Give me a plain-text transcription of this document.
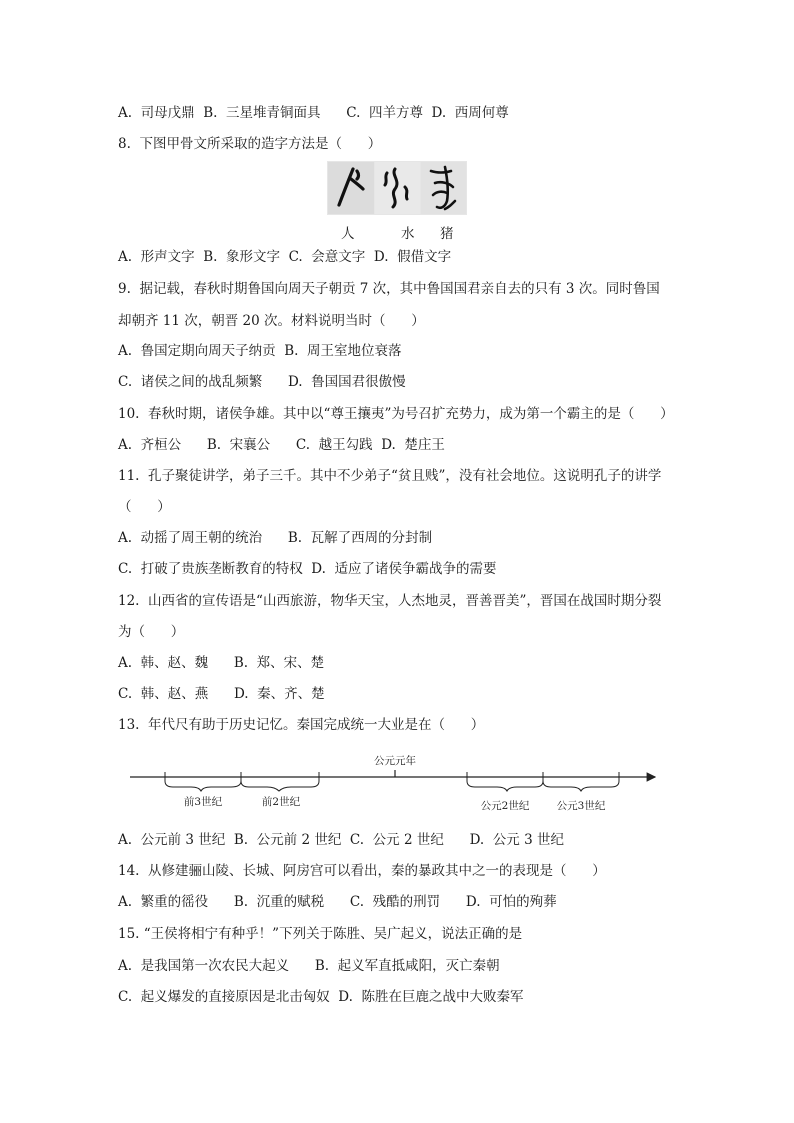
A.  司母戊鼎  B.  三星堆青铜面具      C.  四羊方尊  D.  西周何尊
8.  下图甲骨文所采取的造字方法是（      ）
人	水 猪
A.  形声文字  B.  象形文字  C.  会意文字  D.  假借文字
9.  据记载，春秋时期鲁国向周天子朝贡 7 次，其中鲁国国君亲自去的只有 3 次。同时鲁国
却朝齐 11 次，朝晋 20 次。材料说明当时（      ）
A.  鲁国定期向周天子纳贡  B.  周王室地位衰落
C.  诸侯之间的战乱频繁      D.  鲁国国君很傲慢
10.  春秋时期，诸侯争雄。其中以“尊王攘夷”为号召扩充势力，成为第一个霸主的是（      ）
A.  齐桓公      B.  宋襄公      C.  越王勾践  D.  楚庄王
11.  孔子聚徒讲学，弟子三千。其中不少弟子“贫且贱”，没有社会地位。这说明孔子的讲学
（      ）
A.  动摇了周王朝的统治      B.  瓦解了西周的分封制
C.  打破了贵族垄断教育的特权  D.  适应了诸侯争霸战争的需要
12.  山西省的宣传语是“山西旅游，物华天宝，人杰地灵，晋善晋美”，晋国在战国时期分裂
为（      ）
A.  韩、赵、魏      B.  郑、宋、楚
C.  韩、赵、燕      D.  秦、齐、楚
13.  年代尺有助于历史记忆。秦国完成统一大业是在（      ）
公元元年
前3世纪	前2世纪	公元2世纪	公元3世纪
A.  公元前 3 世纪  B.  公元前 2 世纪  C.  公元 2 世纪      D.  公元 3 世纪
14.  从修建骊山陵、长城、阿房宫可以看出，秦的暴政其中之一的表现是（      ）
A.  繁重的徭役      B.  沉重的赋税      C.  残酷的刑罚      D.  可怕的殉葬
15. “王侯将相宁有种乎！”下列关于陈胜、吴广起义，说法正确的是
A.  是我国第一次农民大起义      B.  起义军直抵咸阳，灭亡秦朝
C.  起义爆发的直接原因是北击匈奴  D.  陈胜在巨鹿之战中大败秦军
